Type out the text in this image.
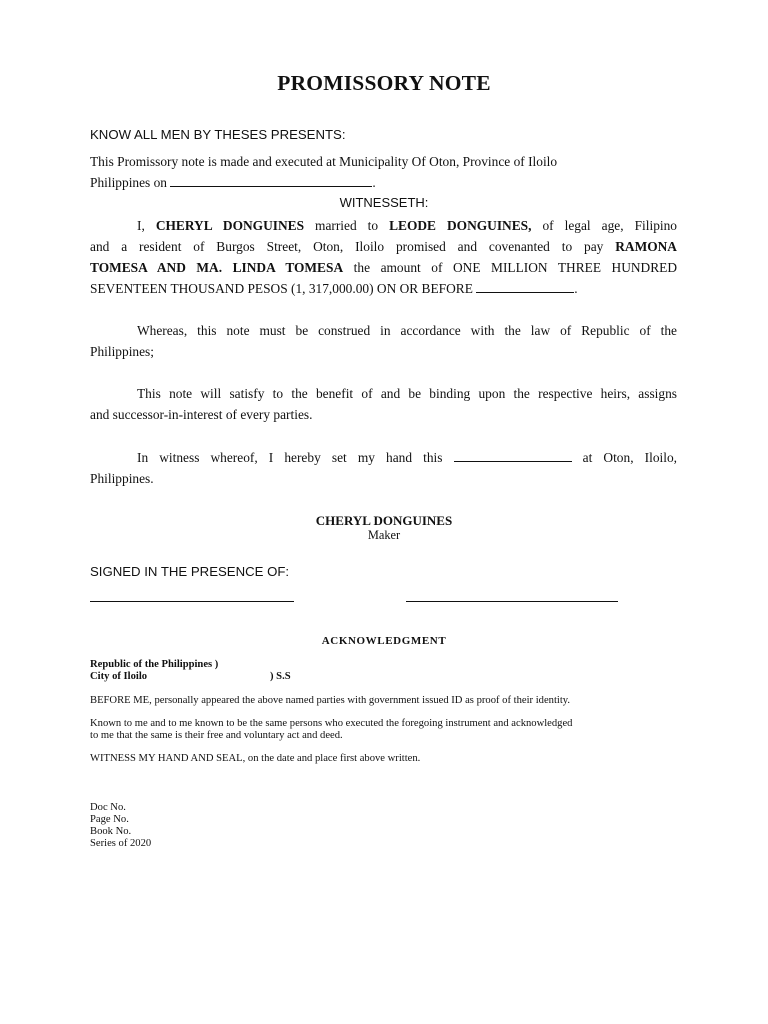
PROMISSORY NOTE
KNOW ALL MEN BY THESES PRESENTS:
This Promissory note is made and executed at Municipality Of Oton, Province of Iloilo
Philippines on	.
WITNESSETH:
I, CHERYL DONGUINES married to LEODE DONGUINES, of legal age, Filipino
and a resident of Burgos Street, Oton, Iloilo promised and covenanted to pay RAMONA
TOMESA AND MA. LINDA TOMESA the amount of ONE MILLION THREE HUNDRED
SEVENTEEN THOUSAND PESOS (1, 317,000.00) ON OR BEFORE	.
Whereas, this note must be construed in accordance with the law of Republic of the
Philippines;
This note will satisfy to the benefit of and be binding upon the respective heirs, assigns
and successor-in-interest of every parties.
In witness whereof, I hereby set my hand this	at Oton, Iloilo,
Philippines.
CHERYL DONGUINES
Maker
SIGNED IN THE PRESENCE OF:
ACKNOWLEDGMENT
Republic of the Philippines )
City of Iloilo	) S.S
BEFORE ME, personally appeared the above named parties with government issued ID as proof of their identity.
Known to me and to me known to be the same persons who executed the foregoing instrument and acknowledged
to me that the same is their free and voluntary act and deed.
WITNESS MY HAND AND SEAL, on the date and place first above written.
Doc No.
Page No.
Book No.
Series of 2020
